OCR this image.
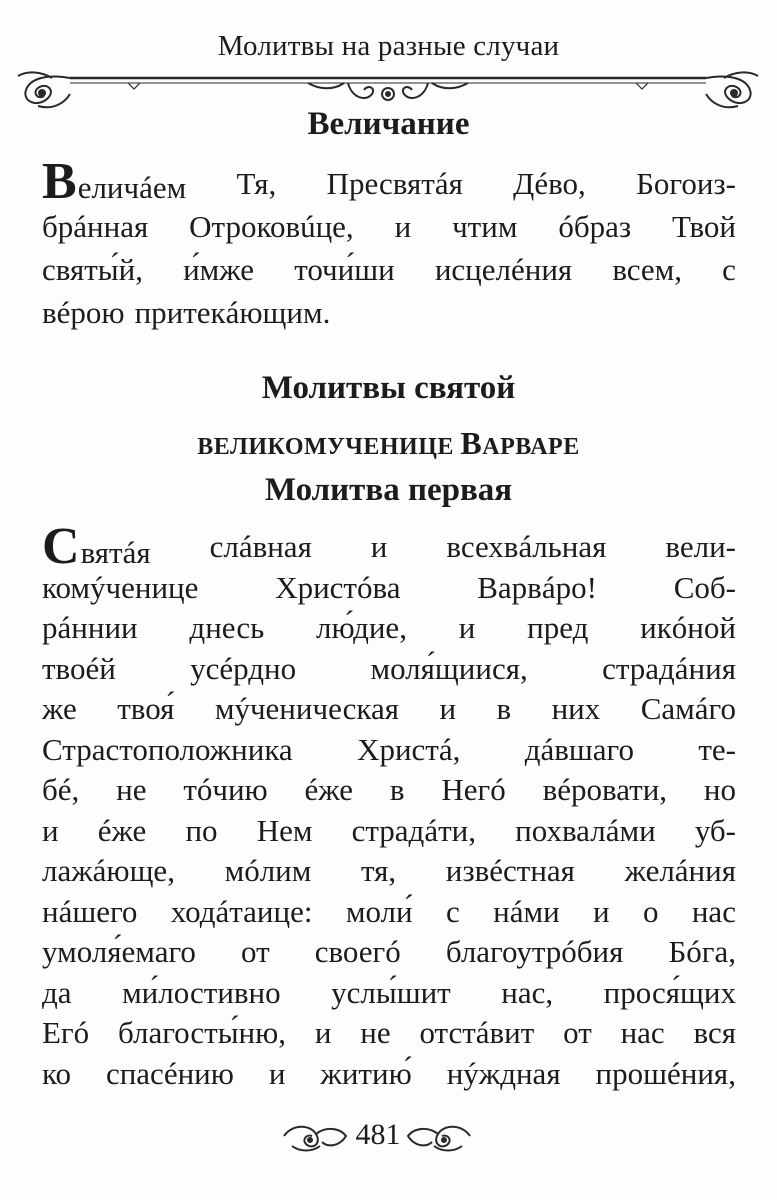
Молитвы на разные случаи
Величание
Величáем Тя, Пресвятáя Дéво, Богоиз-
брáнная Отроковúце, и чтим óбраз Твой
святы́й, и́мже точи́ши исцелéния всем, с
вéрою притекáющим.
Молитвы святой
ВЕЛИКОМУЧЕНИЦЕ ВАРВАРЕ
Молитва первая
Святáя слáвная и всехвáльная вели-
комýченице Христóва Варвáро! Соб-
рáннии днесь лю́дие, и пред икóной
твоéй усéрдно моля́щиися, страдáния
же твоя́ мýченическая и в них Самáго
Страстоположника Христá, дáвшаго те-
бé, не тóчию éже в Негó вéровати, но
и éже по Нем страдáти, похвалáми уб-
лажáюще, мóлим тя, извéстная желáния
нáшего ходáтаице: моли́ с нáми и о нас
умоля́емаго от своегó благоутрóбия Бóга,
да ми́лостивно услы́шит нас, прося́щих
Егó благосты́ню, и не отстáвит от нас вся
ко спасéнию и житию́ нýждная прошéния,
481
